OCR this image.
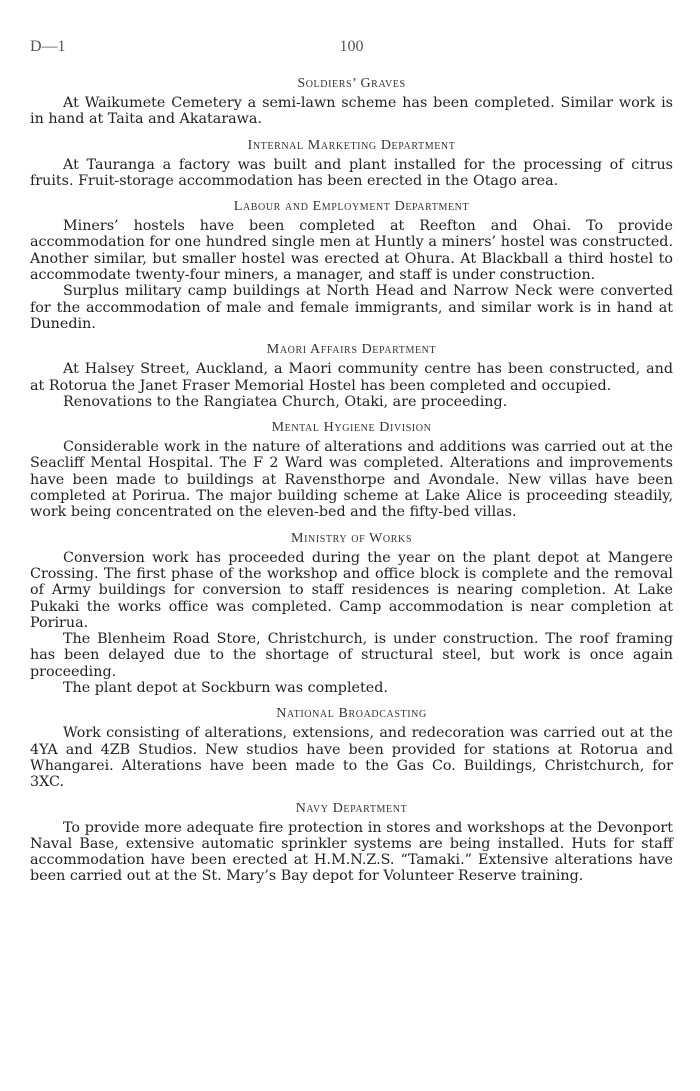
D—1	100
Soldiers’ Graves

At Waikumete Cemetery a semi-lawn scheme has been completed. Similar work is in hand at Taita and Akatarawa.

Internal Marketing Department

At Tauranga a factory was built and plant installed for the processing of citrus fruits. Fruit-storage accommodation has been erected in the Otago area.

Labour and Employment Department

Miners’ hostels have been completed at Reefton and Ohai. To provide accommodation for one hundred single men at Huntly a miners’ hostel was constructed. Another similar, but smaller hostel was erected at Ohura. At Blackball a third hostel to accommodate twenty-four miners, a manager, and staff is under construction.

Surplus military camp buildings at North Head and Narrow Neck were converted for the accommodation of male and female immigrants, and similar work is in hand at Dunedin.

Maori Affairs Department

At Halsey Street, Auckland, a Maori community centre has been constructed, and at Rotorua the Janet Fraser Memorial Hostel has been completed and occupied.

Renovations to the Rangiatea Church, Otaki, are proceeding.

Mental Hygiene Division

Considerable work in the nature of alterations and additions was carried out at the Seacliff Mental Hospital. The F 2 Ward was completed. Alterations and improvements have been made to buildings at Ravensthorpe and Avondale. New villas have been completed at Porirua. The major building scheme at Lake Alice is proceeding steadily, work being concentrated on the eleven-bed and the fifty-bed villas.

Ministry of Works

Conversion work has proceeded during the year on the plant depot at Mangere Crossing. The first phase of the workshop and office block is complete and the removal of Army buildings for conversion to staff residences is nearing completion. At Lake Pukaki the works office was completed. Camp accommodation is near completion at Porirua.

The Blenheim Road Store, Christchurch, is under construction. The roof framing has been delayed due to the shortage of structural steel, but work is once again proceeding.

The plant depot at Sockburn was completed.

National Broadcasting

Work consisting of alterations, extensions, and redecoration was carried out at the 4YA and 4ZB Studios. New studios have been provided for stations at Rotorua and Whangarei. Alterations have been made to the Gas Co. Buildings, Christchurch, for 3XC.

Navy Department

To provide more adequate fire protection in stores and workshops at the Devonport Naval Base, extensive automatic sprinkler systems are being installed. Huts for staff accommodation have been erected at H.M.N.Z.S. “Tamaki.” Extensive alterations have been carried out at the St. Mary’s Bay depot for Volunteer Reserve training.
